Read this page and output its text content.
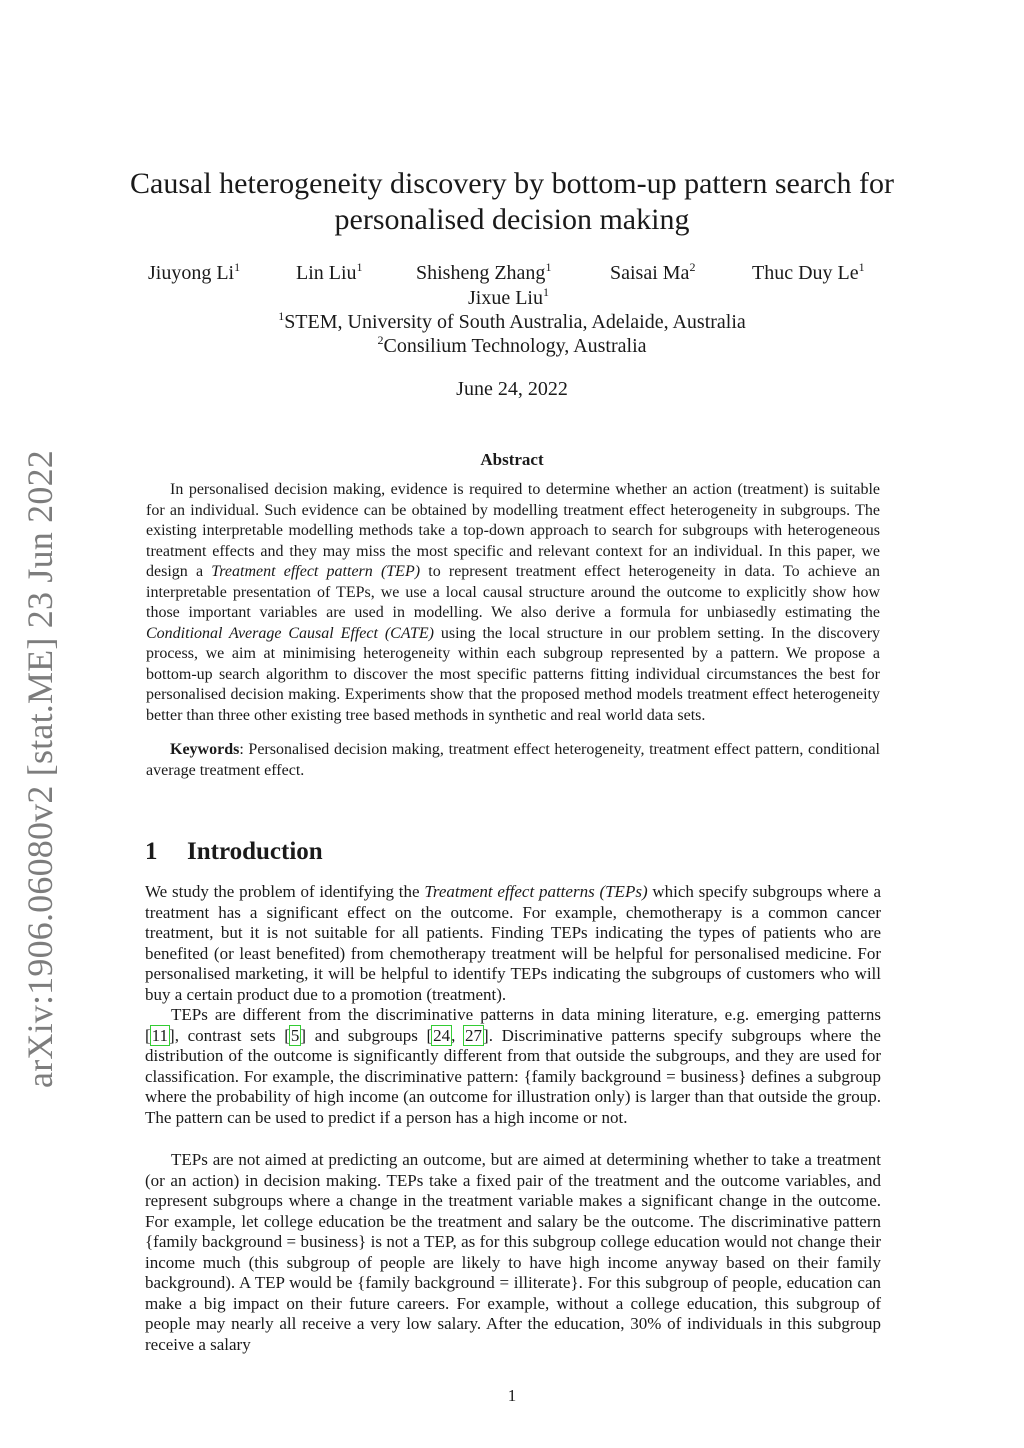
arXiv:1906.06080v2 [stat.ME] 23 Jun 2022
Causal heterogeneity discovery by bottom-up pattern search for personalised decision making
Jiuyong Li$^1$	Lin Liu$^1$	Shisheng Zhang$^1$	Saisai Ma$^2$	Thuc Duy Le$^1$
Jixue Liu$^1$
$^1$STEM, University of South Australia, Adelaide, Australia
$^2$Consilium Technology, Australia
June 24, 2022
Abstract

In personalised decision making, evidence is required to determine whether an action (treatment) is suitable for an individual. Such evidence can be obtained by modelling treatment effect heterogeneity in subgroups. The existing interpretable modelling methods take a top-down approach to search for subgroups with heterogeneous treatment effects and they may miss the most specific and relevant context for an individual. In this paper, we design a Treatment effect pattern (TEP) to represent treatment effect heterogeneity in data. To achieve an interpretable presentation of TEPs, we use a local causal structure around the outcome to explicitly show how those important variables are used in modelling. We also derive a formula for unbiasedly estimating the Conditional Average Causal Effect (CATE) using the local structure in our problem setting. In the discovery process, we aim at minimising heterogeneity within each subgroup represented by a pattern. We propose a bottom-up search algorithm to discover the most specific patterns fitting individual circumstances the best for personalised decision making. Experiments show that the proposed method models treatment effect heterogeneity better than three other existing tree based methods in synthetic and real world data sets.

Keywords: Personalised decision making, treatment effect heterogeneity, treatment effect pattern, conditional average treatment effect.

1 Introduction

We study the problem of identifying the Treatment effect patterns (TEPs) which specify subgroups where a treatment has a significant effect on the outcome. For example, chemotherapy is a common cancer treatment, but it is not suitable for all patients. Finding TEPs indicating the types of patients who are benefited (or least benefited) from chemotherapy treatment will be helpful for personalised medicine. For personalised marketing, it will be helpful to identify TEPs indicating the subgroups of customers who will buy a certain product due to a promotion (treatment).

TEPs are different from the discriminative patterns in data mining literature, e.g. emerging patterns [11], contrast sets [5] and subgroups [24, 27]. Discriminative patterns specify subgroups where the distribution of the outcome is significantly different from that outside the subgroups, and they are used for classification. For example, the discriminative pattern: {family background = business} defines a subgroup where the probability of high income (an outcome for illustration only) is larger than that outside the group. The pattern can be used to predict if a person has a high income or not.

TEPs are not aimed at predicting an outcome, but are aimed at determining whether to take a treatment (or an action) in decision making. TEPs take a fixed pair of the treatment and the outcome variables, and represent subgroups where a change in the treatment variable makes a significant change in the outcome. For example, let college education be the treatment and salary be the outcome. The discriminative pattern {family background = business} is not a TEP, as for this subgroup college education would not change their income much (this subgroup of people are likely to have high income anyway based on their family background). A TEP would be {family background = illiterate}. For this subgroup of people, education can make a big impact on their future careers. For example, without a college education, this subgroup of people may nearly all receive a very low salary. After the education, 30% of individuals in this subgroup receive a salary

1
